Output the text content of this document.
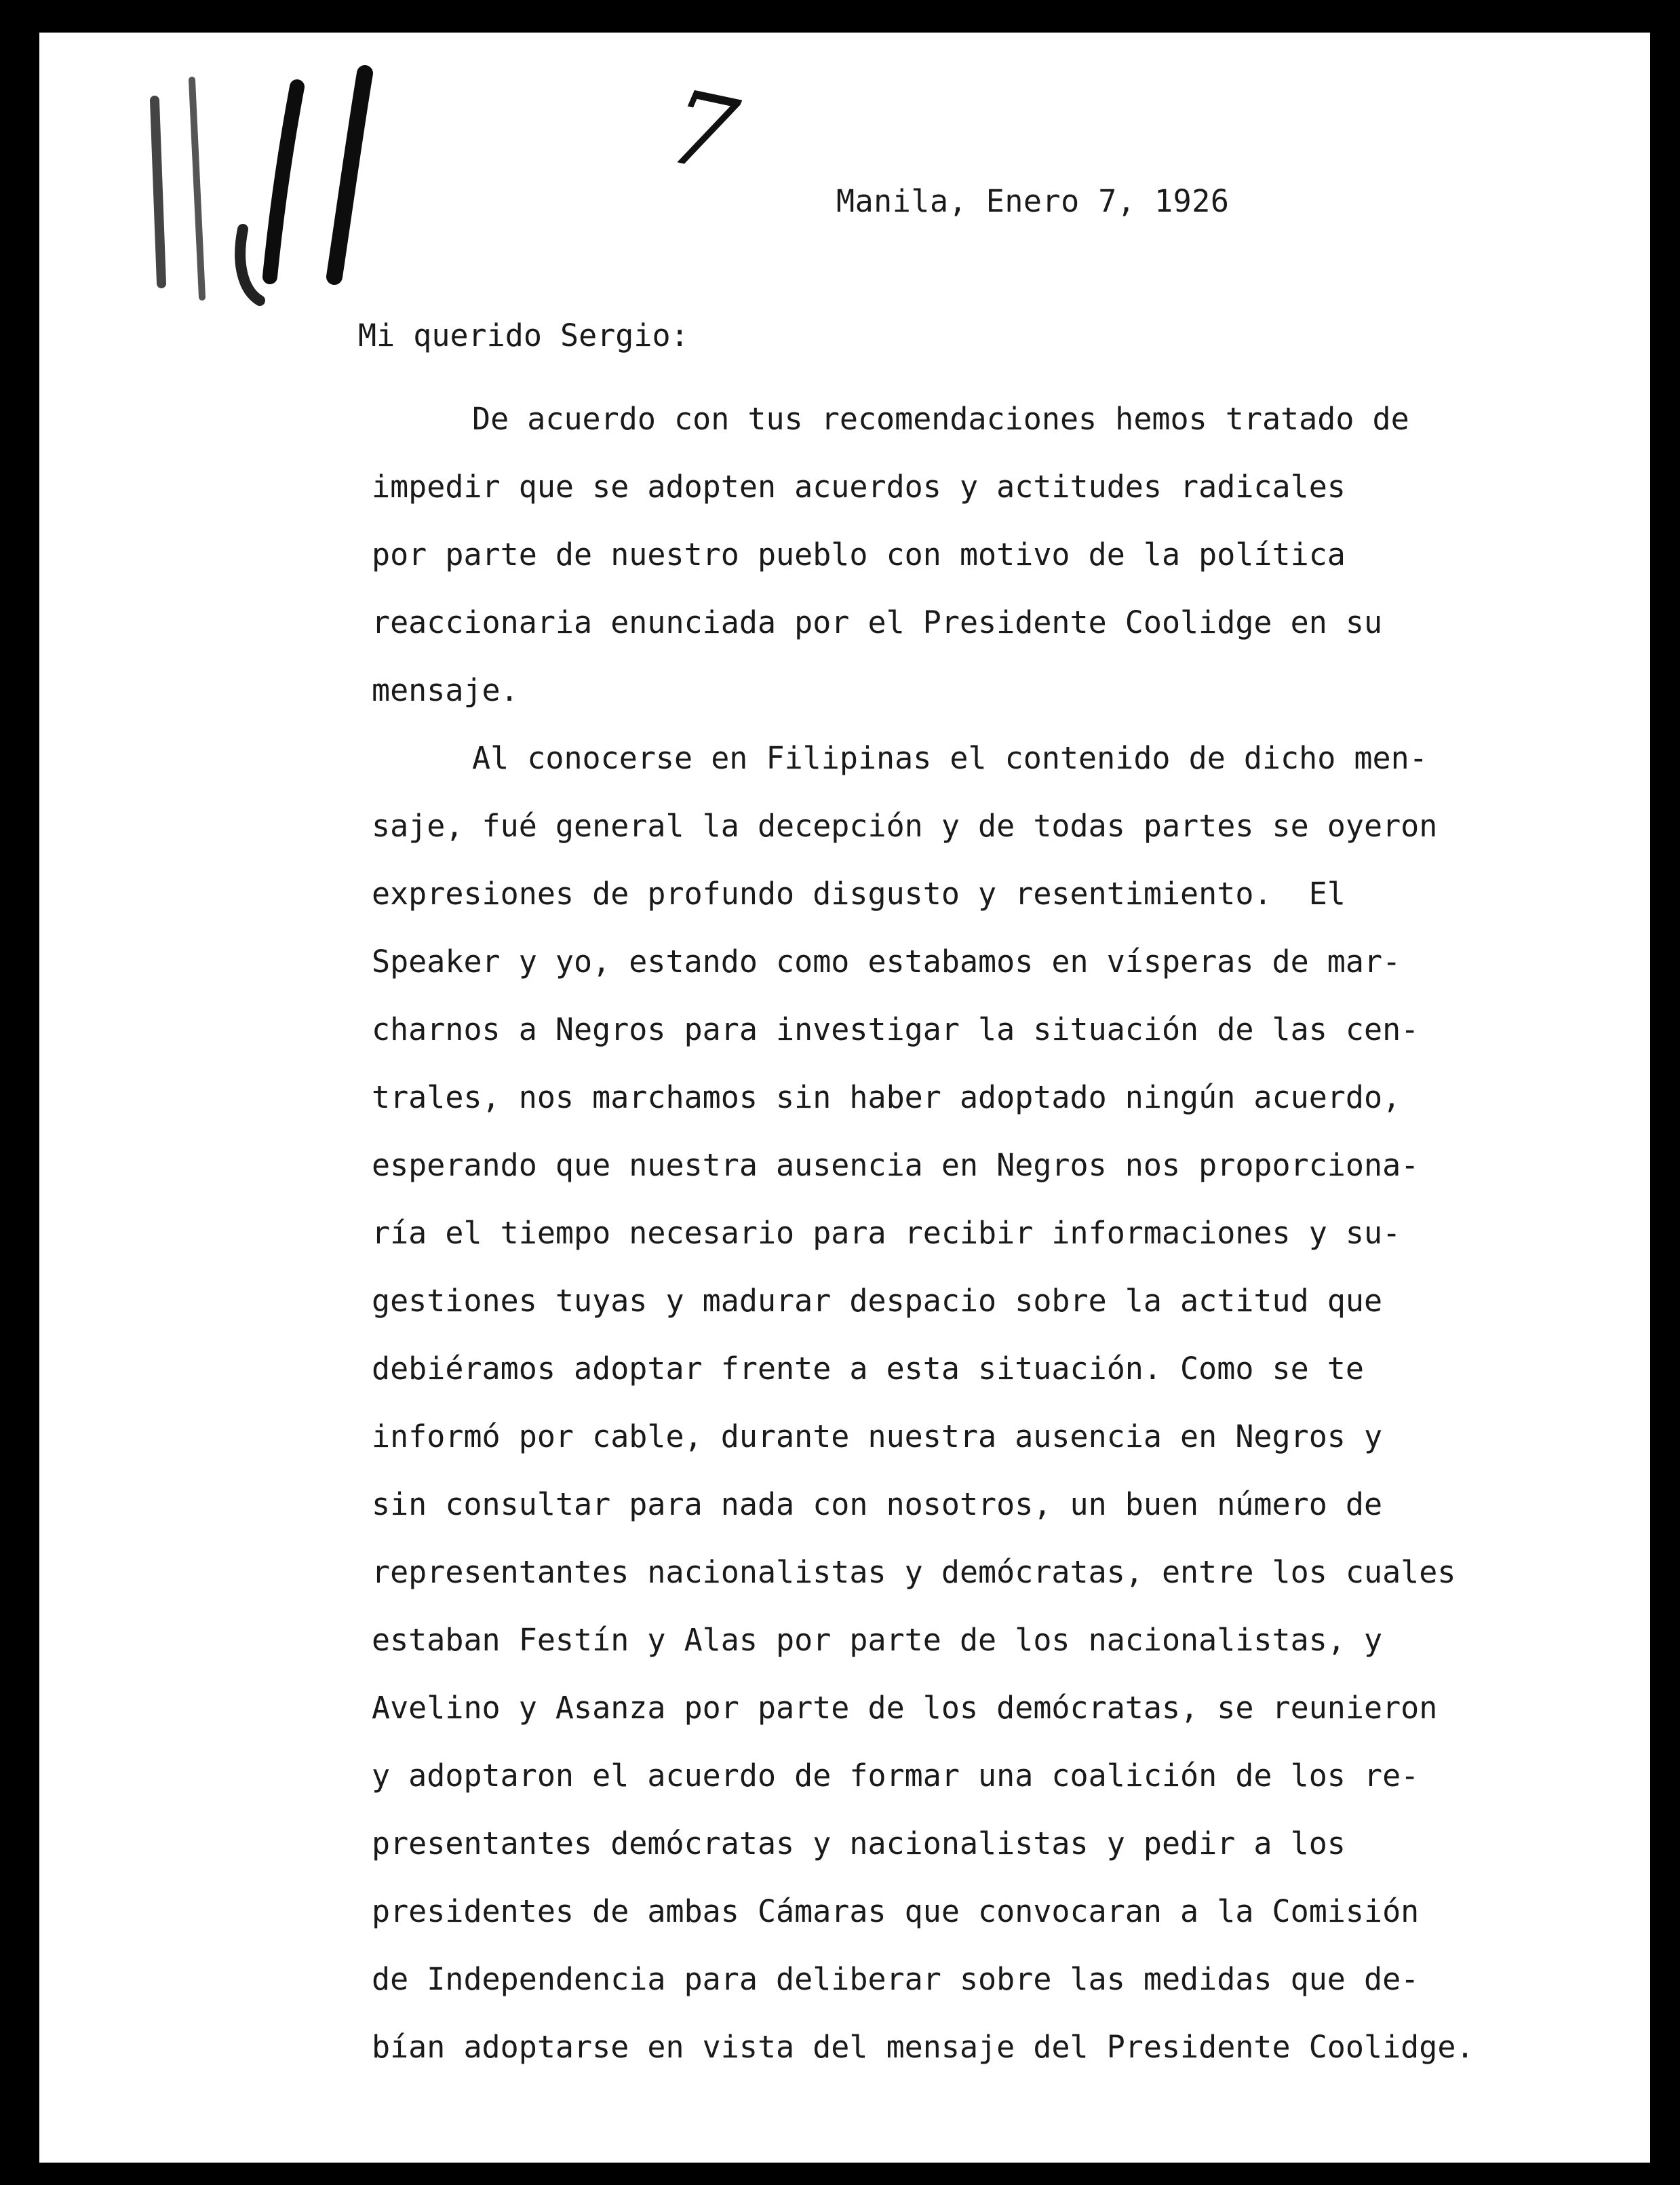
7
Manila, Enero 7, 1926
Mi querido Sergio:
De acuerdo con tus recomendaciones hemos tratado de
impedir que se adopten acuerdos y actitudes radicales
por parte de nuestro pueblo con motivo de la política
reaccionaria enunciada por el Presidente Coolidge en su
mensaje.
Al conocerse en Filipinas el contenido de dicho men-
saje, fué general la decepción y de todas partes se oyeron
expresiones de profundo disgusto y resentimiento.  El
Speaker y yo, estando como estabamos en vísperas de mar-
charnos a Negros para investigar la situación de las cen-
trales, nos marchamos sin haber adoptado ningún acuerdo,
esperando que nuestra ausencia en Negros nos proporciona-
ría el tiempo necesario para recibir informaciones y su-
gestiones tuyas y madurar despacio sobre la actitud que
debiéramos adoptar frente a esta situación. Como se te
informó por cable, durante nuestra ausencia en Negros y
sin consultar para nada con nosotros, un buen número de
representantes nacionalistas y demócratas, entre los cuales
estaban Festín y Alas por parte de los nacionalistas, y
Avelino y Asanza por parte de los demócratas, se reunieron
y adoptaron el acuerdo de formar una coalición de los re-
presentantes demócratas y nacionalistas y pedir a los
presidentes de ambas Cámaras que convocaran a la Comisión
de Independencia para deliberar sobre las medidas que de-
bían adoptarse en vista del mensaje del Presidente Coolidge.
